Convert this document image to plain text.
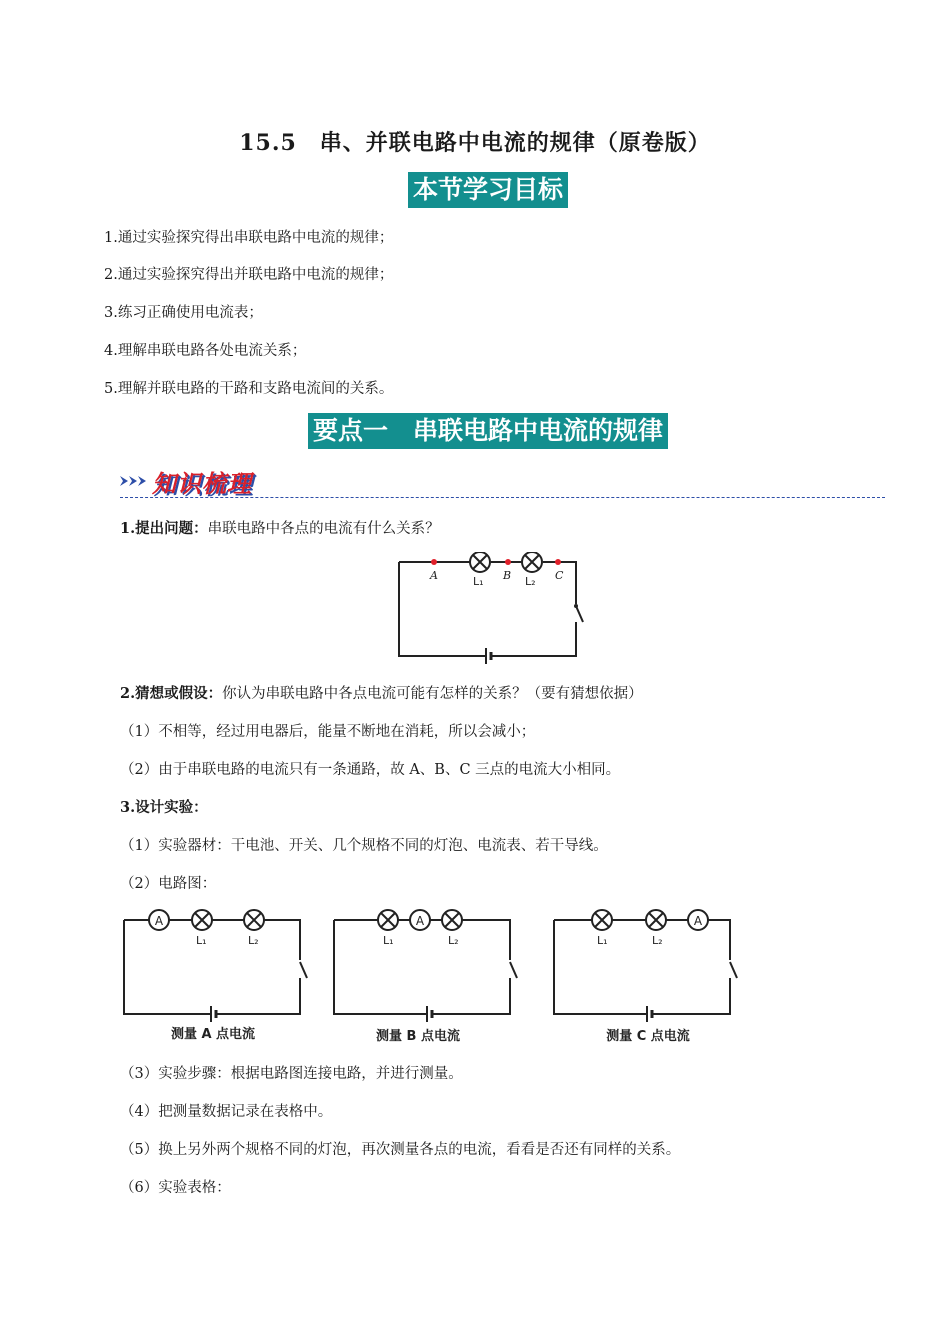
15.5　串、并联电路中电流的规律（原卷版）
本节学习目标
1.通过实验探究得出串联电路中电流的规律；
2.通过实验探究得出并联电路中电流的规律；
3.练习正确使用电流表；
4.理解串联电路各处电流关系；
5.理解并联电路的干路和支路电流间的关系。
要点一　串联电路中电流的规律
知识梳理
1.提出问题：串联电路中各点的电流有什么关系？
A	B	C
L₁	L₂
2.猜想或假设：你认为串联电路中各点电流可能有怎样的关系？（要有猜想依据）
（1）不相等，经过用电器后，能量不断地在消耗，所以会减小；
（2）由于串联电路的电流只有一条通路，故 A、B、C 三点的电流大小相同。
3.设计实验：
（1）实验器材：干电池、开关、几个规格不同的灯泡、电流表、若干导线。
（2）电路图：
A
L₁	L₂
测量 A 点电流
A
L₁	L₂
测量 B 点电流
A
L₁	L₂
测量 C 点电流
（3）实验步骤：根据电路图连接电路，并进行测量。
（4）把测量数据记录在表格中。
（5）换上另外两个规格不同的灯泡，再次测量各点的电流，看看是否还有同样的关系。
（6）实验表格：
